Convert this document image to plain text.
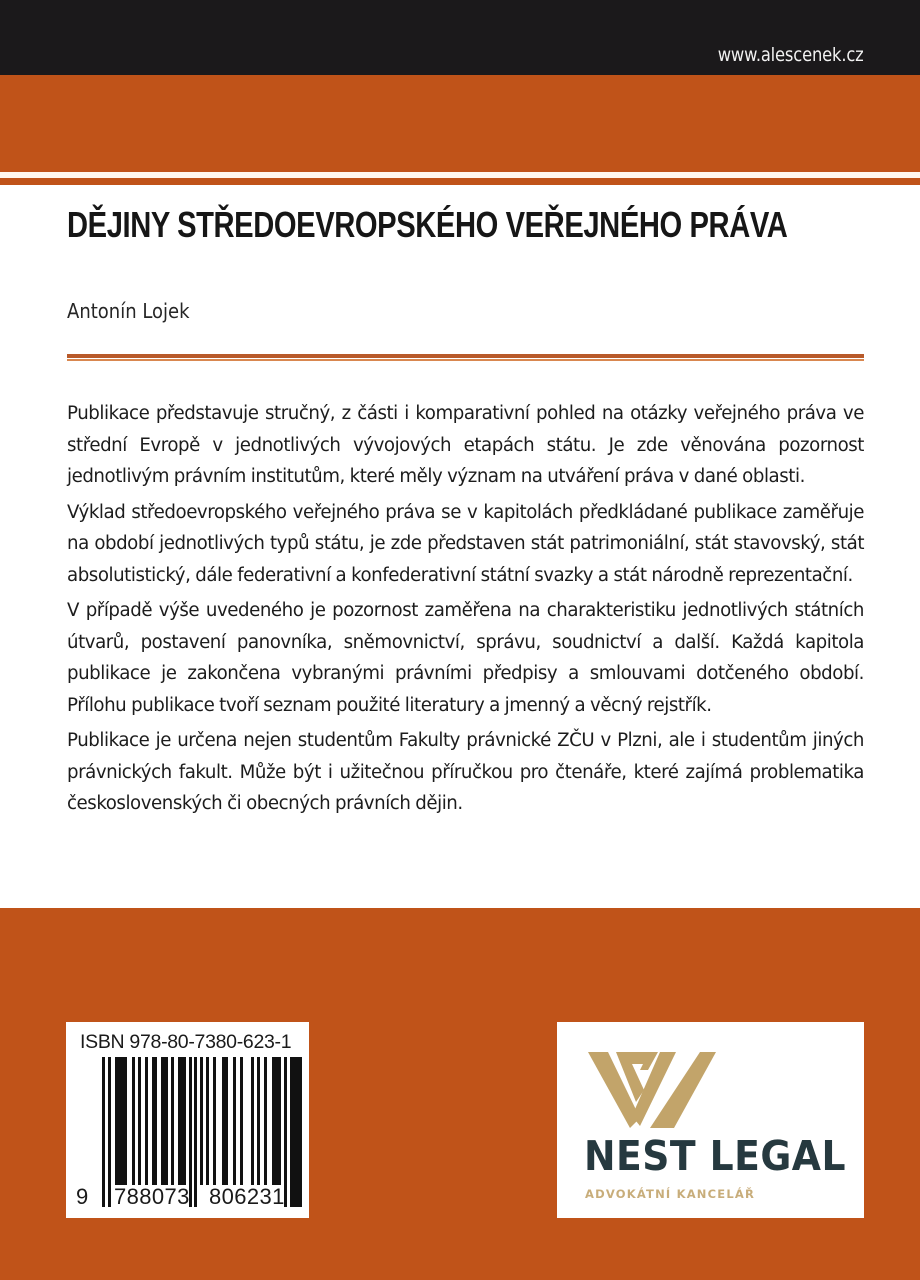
www.alescenek.cz
DĚJINY STŘEDOEVROPSKÉHO VEŘEJNÉHO PRÁVA
Antonín Lojek

Publikace představuje stručný, z části i komparativní pohled na otázky veřejného práva ve střední Evropě v jednotlivých vývojových etapách státu. Je zde věnována pozornost jednotlivým právním institutům, které měly význam na utváření práva v dané oblasti.

Výklad středoevropského veřejného práva se v kapitolách předkládané publikace zaměřuje na období jednotlivých typů státu, je zde představen stát patrimoniální, stát stavovský, stát absolutistický, dále federativní a konfederativní státní svazky a stát národně reprezentační.

V případě výše uvedeného je pozornost zaměřena na charakteristiku jednotlivých státních útvarů, postavení panovníka, sněmovnictví, správu, soudnictví a další. Každá kapitola publikace je zakončena vybranými právními předpisy a smlouvami dotčeného období. Přílohu publikace tvoří seznam použité literatury a jmenný a věcný rejstřík.

Publikace je určena nejen studentům Fakulty právnické ZČU v Plzni, ale i studentům jiných právnických fakult. Může být i užitečnou příručkou pro čtenáře, které zajímá problematika československých či obecných právních dějin.

ISBN 978-80-7380-623-1
9 788073 806231
NEST LEGAL
ADVOKÁTNÍ KANCELÁŘ
